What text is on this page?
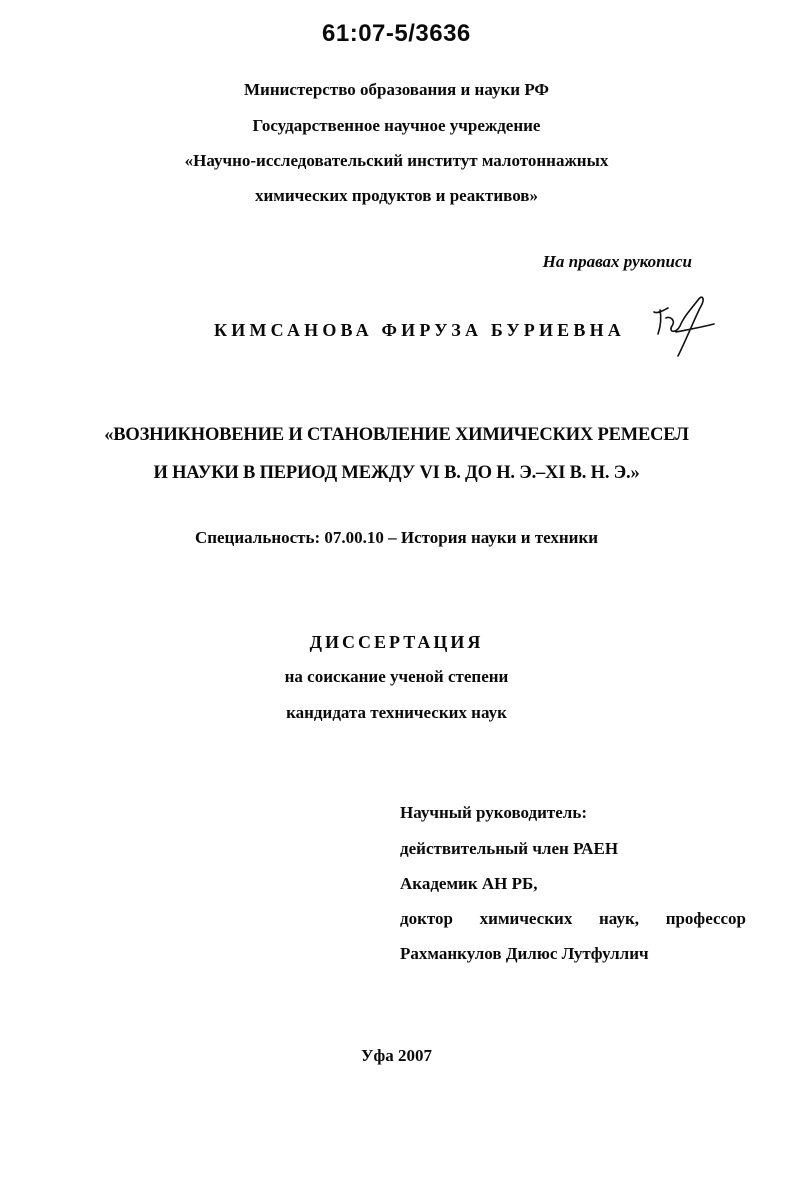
61:07-5/3636
Министерство образования и науки РФ
Государственное научное учреждение
«Научно-исследовательский институт малотоннажных
химических продуктов и реактивов»
На правах рукописи
КИМСАНОВА ФИРУЗА БУРИЕВНА
«ВОЗНИКНОВЕНИЕ И СТАНОВЛЕНИЕ ХИМИЧЕСКИХ РЕМЕСЕЛ
И НАУКИ В ПЕРИОД МЕЖДУ VI В. ДО Н. Э.–XI В. Н. Э.»
Специальность: 07.00.10 – История науки и техники
ДИССЕРТАЦИЯ
на соискание ученой степени
кандидата технических наук
Научный руководитель:
действительный член РАЕН
Академик АН РБ,
доктор химических наук, профессор
Рахманкулов Дилюс Лутфуллич
Уфа 2007
